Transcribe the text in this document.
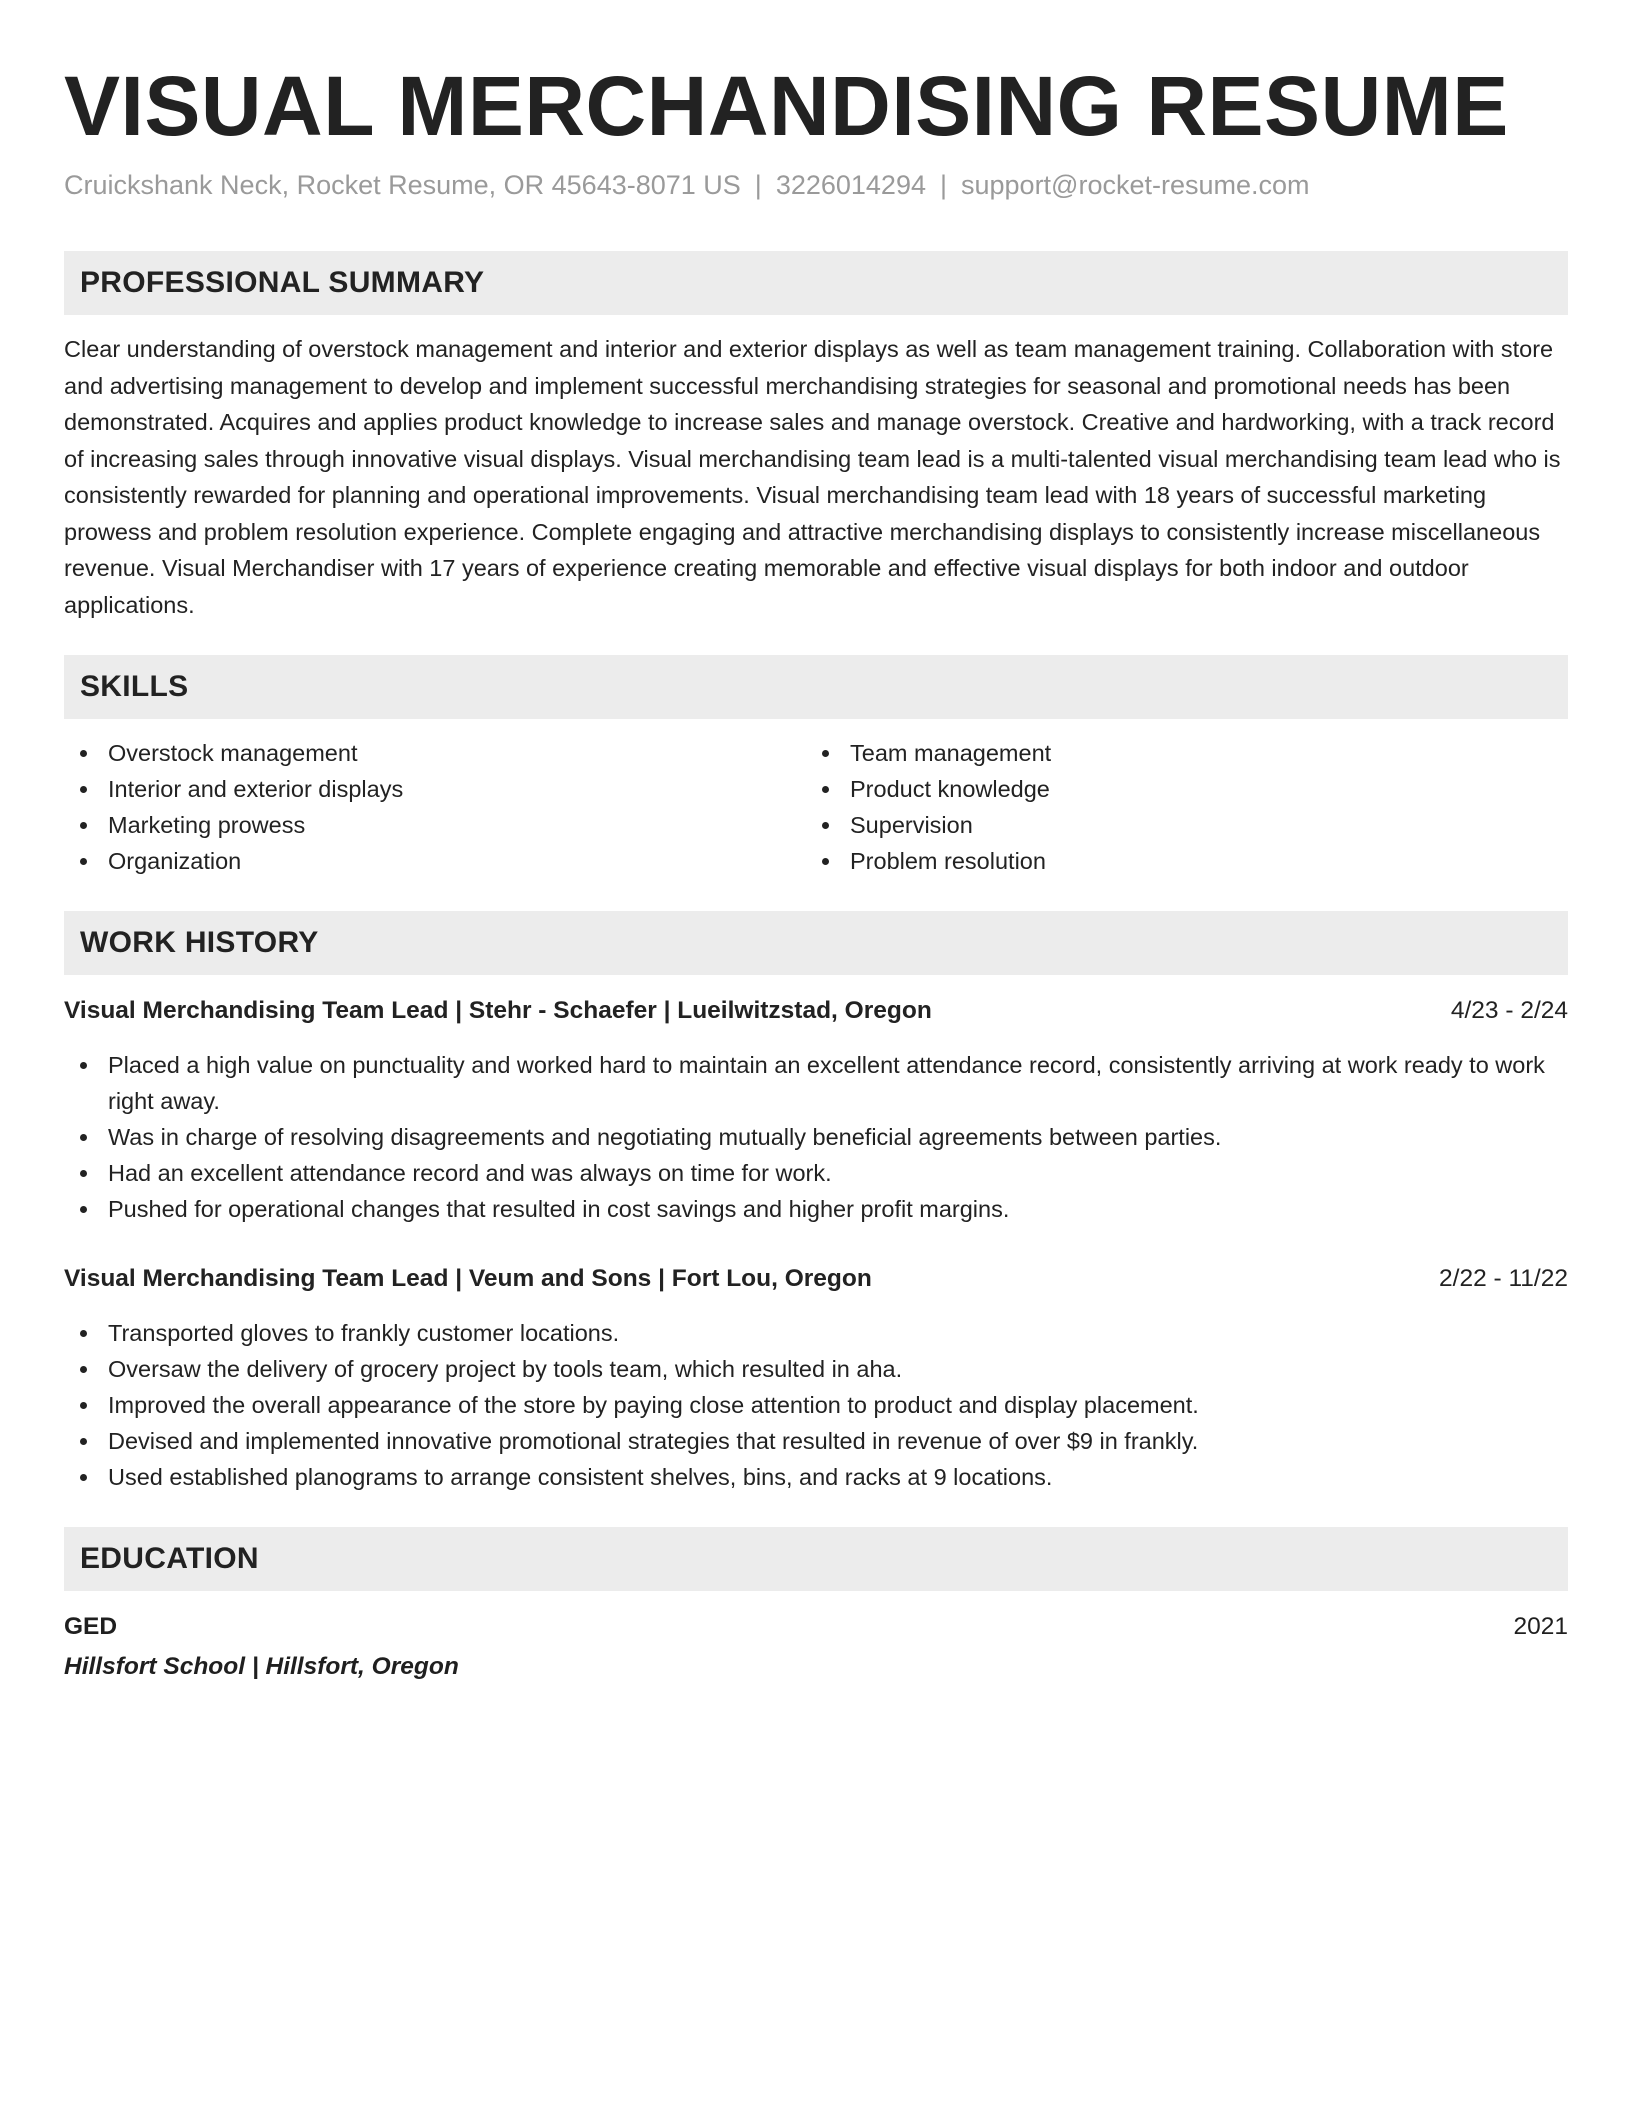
VISUAL MERCHANDISING RESUME
Cruickshank Neck, Rocket Resume, OR 45643-8071 US | 3226014294 | support@rocket-resume.com
PROFESSIONAL SUMMARY
Clear understanding of overstock management and interior and exterior displays as well as team management training. Collaboration with store and advertising management to develop and implement successful merchandising strategies for seasonal and promotional needs has been demonstrated. Acquires and applies product knowledge to increase sales and manage overstock. Creative and hardworking, with a track record of increasing sales through innovative visual displays. Visual merchandising team lead is a multi-talented visual merchandising team lead who is consistently rewarded for planning and operational improvements. Visual merchandising team lead with 18 years of successful marketing prowess and problem resolution experience. Complete engaging and attractive merchandising displays to consistently increase miscellaneous revenue. Visual Merchandiser with 17 years of experience creating memorable and effective visual displays for both indoor and outdoor applications.
SKILLS
Overstock management
Interior and exterior displays
Marketing prowess
Organization
Team management
Product knowledge
Supervision
Problem resolution
WORK HISTORY
Visual Merchandising Team Lead | Stehr - Schaefer | Lueilwitzstad, Oregon	4/23 - 2/24
Placed a high value on punctuality and worked hard to maintain an excellent attendance record, consistently arriving at work ready to work right away.
Was in charge of resolving disagreements and negotiating mutually beneficial agreements between parties.
Had an excellent attendance record and was always on time for work.
Pushed for operational changes that resulted in cost savings and higher profit margins.
Visual Merchandising Team Lead | Veum and Sons | Fort Lou, Oregon	2/22 - 11/22
Transported gloves to frankly customer locations.
Oversaw the delivery of grocery project by tools team, which resulted in aha.
Improved the overall appearance of the store by paying close attention to product and display placement.
Devised and implemented innovative promotional strategies that resulted in revenue of over $9 in frankly.
Used established planograms to arrange consistent shelves, bins, and racks at 9 locations.
EDUCATION
GED	2021
Hillsfort School | Hillsfort, Oregon
